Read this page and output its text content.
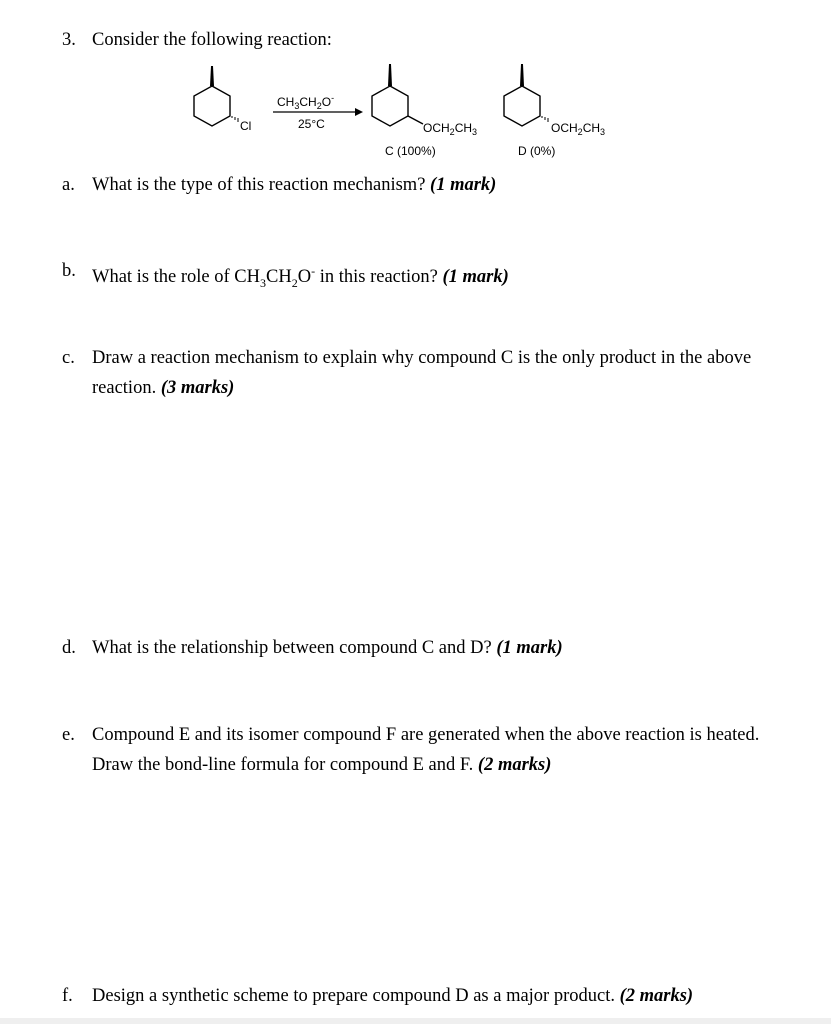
3. Consider the following reaction:
Cl
$CH_3CH_2O^-$
25°C	$OCH_2CH_3$
C (100%)
$OCH_2CH_3$
D (0%)
a. What is the type of this reaction mechanism? (1 mark)
b. What is the role of $CH_3CH_2O^-$ in this reaction? (1 mark)
c. Draw a reaction mechanism to explain why compound C is the only product in the above reaction. (3 marks)
d. What is the relationship between compound C and D? (1 mark)
e. Compound E and its isomer compound F are generated when the above reaction is heated. Draw the bond-line formula for compound E and F. (2 marks)
f. Design a synthetic scheme to prepare compound D as a major product. (2 marks)
